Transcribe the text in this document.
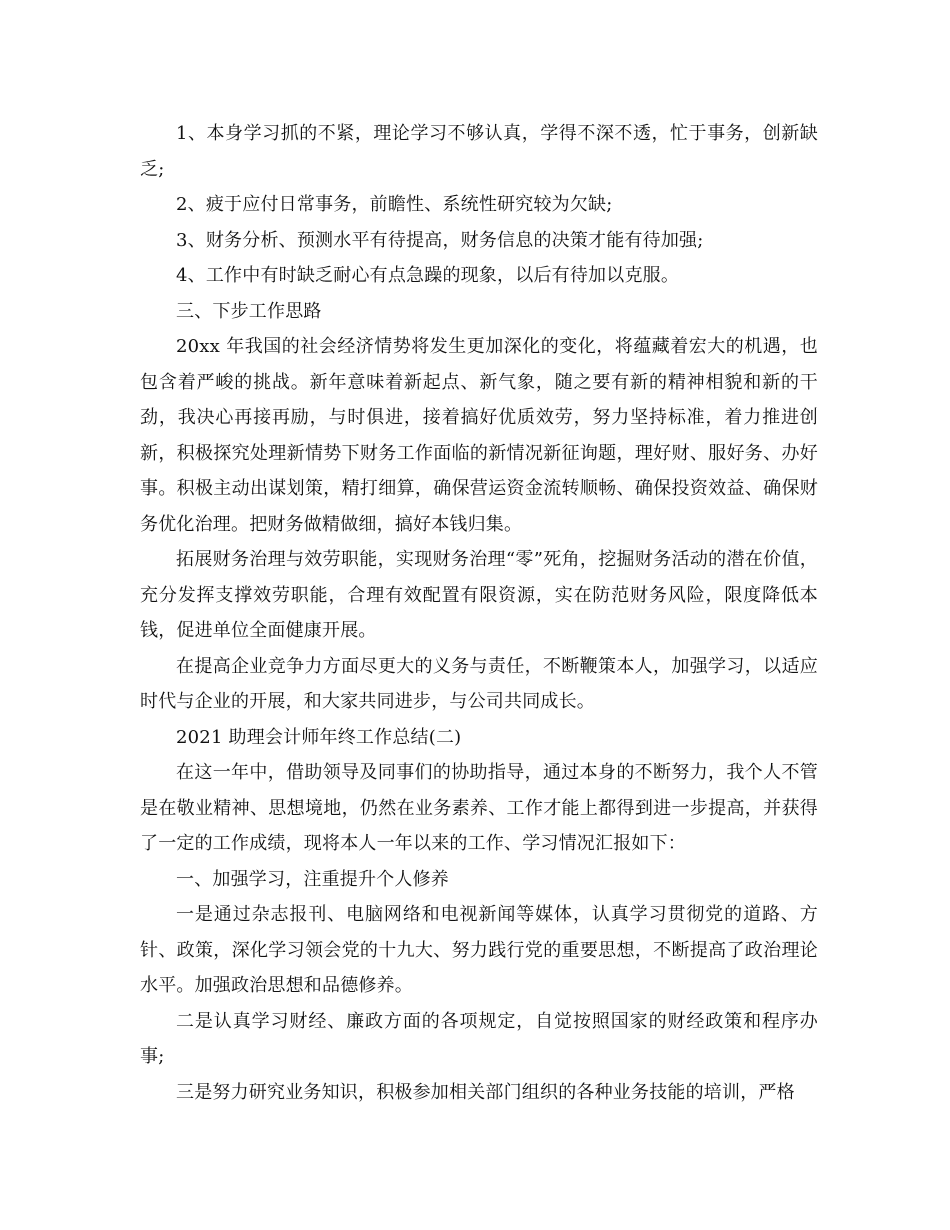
1、本身学习抓的不紧，理论学习不够认真，学得不深不透，忙于事务，创新缺乏;

2、疲于应付日常事务，前瞻性、系统性研究较为欠缺;

3、财务分析、预测水平有待提高，财务信息的决策才能有待加强;

4、工作中有时缺乏耐心有点急躁的现象，以后有待加以克服。

三、下步工作思路

20xx 年我国的社会经济情势将发生更加深化的变化，将蕴藏着宏大的机遇，也包含着严峻的挑战。新年意味着新起点、新气象，随之要有新的精神相貌和新的干劲，我决心再接再励，与时俱进，接着搞好优质效劳，努力坚持标准，着力推进创新，积极探究处理新情势下财务工作面临的新情况新征询题，理好财、服好务、办好事。积极主动出谋划策，精打细算，确保营运资金流转顺畅、确保投资效益、确保财务优化治理。把财务做精做细，搞好本钱归集。

拓展财务治理与效劳职能，实现财务治理“零”死角，挖掘财务活动的潜在价值，充分发挥支撑效劳职能，合理有效配置有限资源，实在防范财务风险，限度降低本钱，促进单位全面健康开展。

在提高企业竞争力方面尽更大的义务与责任，不断鞭策本人，加强学习，以适应时代与企业的开展，和大家共同进步，与公司共同成长。

2021 助理会计师年终工作总结(二)

在这一年中，借助领导及同事们的协助指导，通过本身的不断努力，我个人不管是在敬业精神、思想境地，仍然在业务素养、工作才能上都得到进一步提高，并获得了一定的工作成绩，现将本人一年以来的工作、学习情况汇报如下：

一、加强学习，注重提升个人修养

一是通过杂志报刊、电脑网络和电视新闻等媒体，认真学习贯彻党的道路、方针、政策，深化学习领会党的十九大、努力践行党的重要思想，不断提高了政治理论水平。加强政治思想和品德修养。

二是认真学习财经、廉政方面的各项规定，自觉按照国家的财经政策和程序办事;

三是努力研究业务知识，积极参加相关部门组织的各种业务技能的培训，严格
